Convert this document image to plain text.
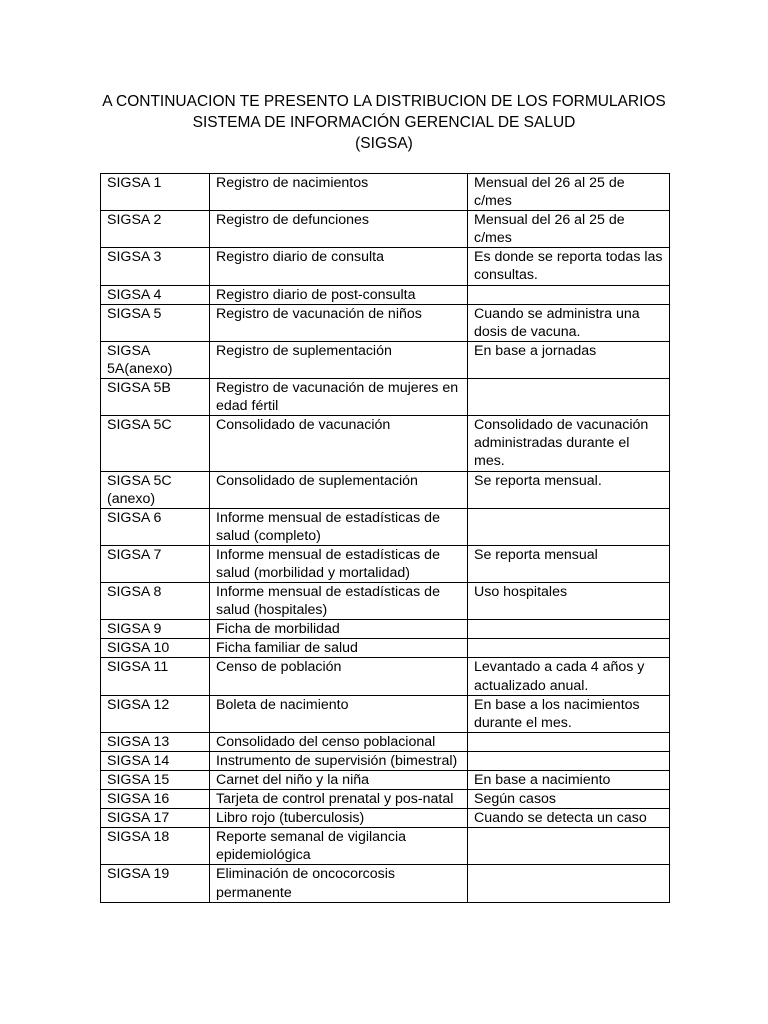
A CONTINUACION TE PRESENTO LA DISTRIBUCION DE LOS FORMULARIOS
SISTEMA DE INFORMACIÓN GERENCIAL DE SALUD
(SIGSA)
SIGSA 1	Registro de nacimientos	Mensual del 26 al 25 de c/mes
SIGSA 2	Registro de defunciones	Mensual del 26 al 25 de c/mes
SIGSA 3	Registro diario de consulta	Es donde se reporta todas las consultas.
SIGSA 4	Registro diario de post-consulta	
SIGSA 5	Registro de vacunación de niños	Cuando se administra una dosis de vacuna.
SIGSA 5A(anexo)	Registro de suplementación	En base a jornadas
SIGSA 5B	Registro de vacunación de mujeres en edad fértil	
SIGSA 5C	Consolidado de vacunación	Consolidado de vacunación administradas durante el mes.
SIGSA 5C (anexo)	Consolidado de suplementación	Se reporta mensual.
SIGSA 6	Informe mensual de estadísticas de salud (completo)	
SIGSA 7	Informe mensual de estadísticas de salud (morbilidad y mortalidad)	Se reporta mensual
SIGSA 8	Informe mensual de estadísticas de salud (hospitales)	Uso hospitales
SIGSA 9	Ficha de morbilidad	
SIGSA 10	Ficha familiar de salud	
SIGSA 11	Censo de población	Levantado a cada 4 años y actualizado anual.
SIGSA 12	Boleta de nacimiento	En base a los nacimientos durante el mes.
SIGSA 13	Consolidado del censo poblacional	
SIGSA 14	Instrumento de supervisión (bimestral)	
SIGSA 15	Carnet del niño y la niña	En base a nacimiento
SIGSA 16	Tarjeta de control prenatal y pos-natal	Según casos
SIGSA 17	Libro rojo (tuberculosis)	Cuando se detecta un caso
SIGSA 18	Reporte semanal de vigilancia epidemiológica	
SIGSA 19	Eliminación de oncocorcosis permanente	
